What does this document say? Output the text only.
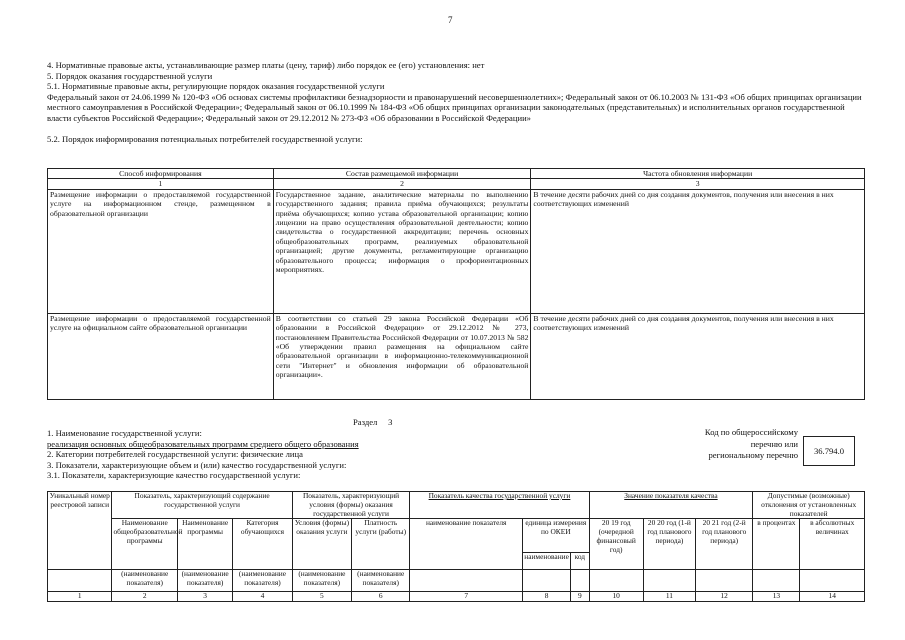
7
4. Нормативные правовые акты, устанавливающие размер платы (цену, тариф) либо порядок ее (его) установления: нет
5. Порядок оказания государственной услуги
5.1. Нормативные правовые акты, регулирующие порядок оказания государственной услуги
Федеральный закон от 24.06.1999 № 120-ФЗ «Об основах системы профилактики безнадзорности и правонарушений несовершеннолетних»; Федеральный закон от 06.10.2003 № 131-ФЗ «Об общих принципах организации местного самоуправления в Российской Федерации»; Федеральный закон от 06.10.1999 № 184-ФЗ «Об общих принципах организации законодательных (представительных) и исполнительных органов государственной власти субъектов Российской Федерации»; Федеральный закон от 29.12.2012 № 273-ФЗ «Об образовании в Российской Федерации»
5.2. Порядок информирования потенциальных потребителей государственной услуги:
Способ информирования	Состав размещаемой информации	Частота обновления информации
1	2	3
Размещение информации о предоставляемой государственной услуге на информационном стенде, размещенном в образовательной организации	Государственное задание, аналитические материалы по выполнению государственного задания; правила приёма обучающихся; результаты приёма обучающихся; копию устава образовательной организации; копию лицензии на право осуществления образовательной деятельности; копию свидетельства о государственной аккредитации; перечень основных общеобразовательных программ, реализуемых образовательной организацией; другие документы, регламентирующие организацию образовательного процесса; информация о профориентационных мероприятиях.	В течение десяти рабочих дней со дня создания документов, получения или внесения в них соответствующих изменений
Размещение информации о предоставляемой государственной услуге на официальном сайте образовательной организации	В соответствии со статьей 29 закона Российской Федерации «Об образовании в Российской Федерации» от 29.12.2012 № 273, постановлением Правительства Российской Федерации от 10.07.2013 № 582 «Об утверждении правил размещения на официальном сайте образовательной организации в информационно-телекоммуникационной сети "Интернет" и обновления информации об образовательной организации».	В течение десяти рабочих дней со дня создания документов, получения или внесения в них соответствующих изменений
Раздел 3
1. Наименование государственной услуги:
реализация основных общеобразовательных программ среднего общего образования
2. Категории потребителей государственной услуги: физические лица
3. Показатели, характеризующие объем и (или) качество государственной услуги:
3.1. Показатели, характеризующие качество государственной услуги:
Код по общероссийскому
перечню или
региональному перечню	36.794.0
Уникальный номер реестровой записи	Показатель, характеризующий содержание государственной услуги			Показатель, характеризующий условия (формы) оказания государственной услуги		Показатель качества государственной услуги			Значение показателя качества			Допустимые (возможные) отклонения от установленных показателей	
	Наименование общеобразовательной программы	Наименование программы	Категория обучающихся	Условия (формы) оказания услуги	Платность услуги (работы)	наименование показателя	единица измерения по ОКЕИ		20 19 год (очередной финансовый год)	20 20 год (1-й год планового периода)	20 21 год (2-й год планового периода)	в процентах	в абсолютных величинах
							наименование	код					
	(наименование показателя)	(наименование показателя)	(наименование показателя)	(наименование показателя)	(наименование показателя)								
1	2	3	4	5	6	7	8	9	10	11	12	13	14
